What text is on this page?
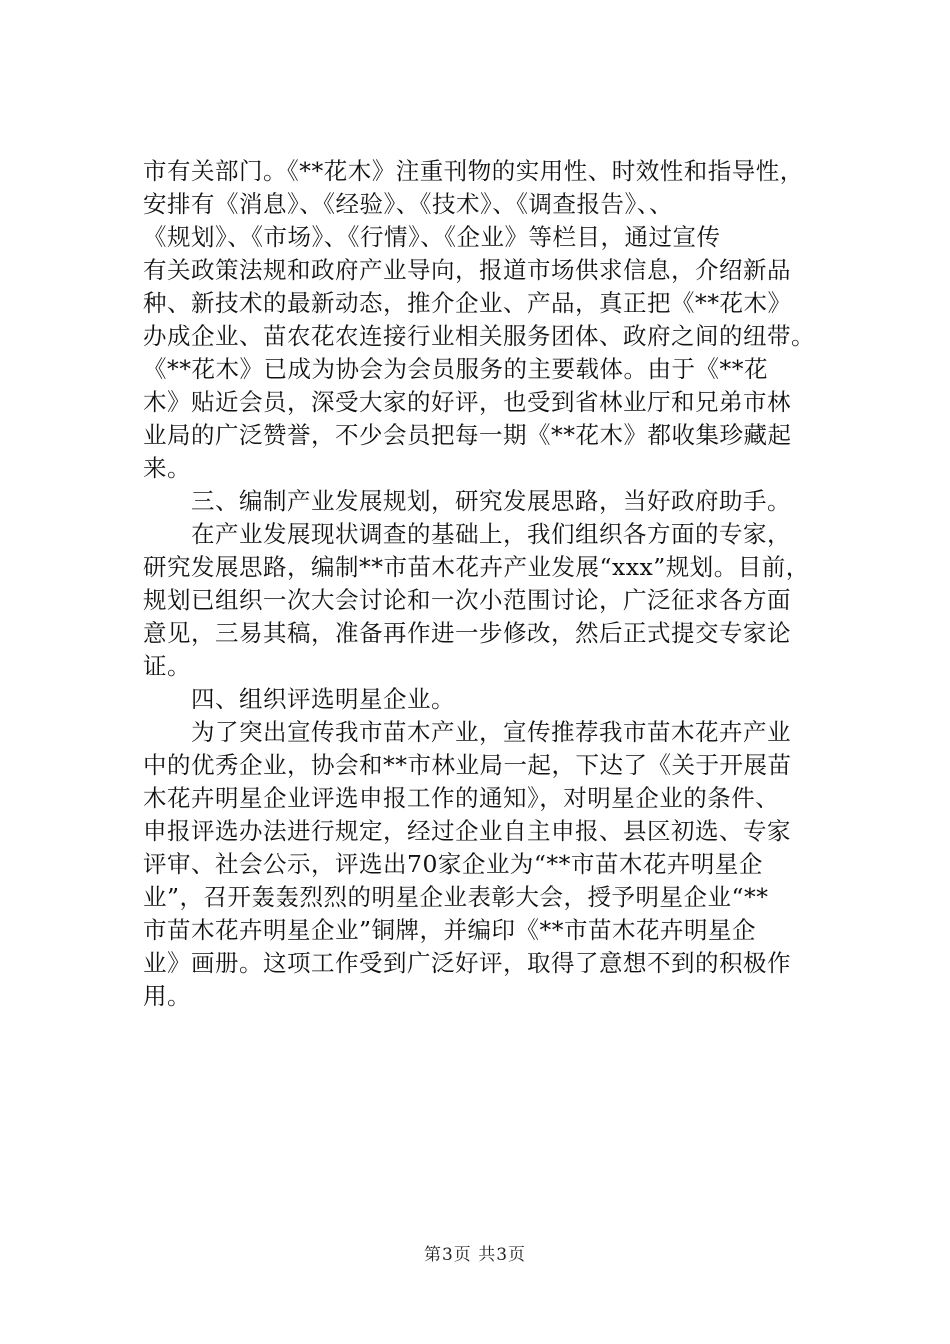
市有关部门。《**花木》注重刊物的实用性、时效性和指导性，
安排有《消息》、《经验》、《技术》、《调查报告》、、
《规划》、《市场》、《行情》、《企业》等栏目，通过宣传
有关政策法规和政府产业导向，报道市场供求信息，介绍新品
种、新技术的最新动态，推介企业、产品，真正把《**花木》
办成企业、苗农花农连接行业相关服务团体、政府之间的纽带。
《**花木》已成为协会为会员服务的主要载体。由于《**花
木》贴近会员，深受大家的好评，也受到省林业厅和兄弟市林
业局的广泛赞誉，不少会员把每一期《**花木》都收集珍藏起
来。
　　三、编制产业发展规划，研究发展思路，当好政府助手。
　　在产业发展现状调查的基础上，我们组织各方面的专家，
研究发展思路，编制**市苗木花卉产业发展“xxx”规划。目前，
规划已组织一次大会讨论和一次小范围讨论，广泛征求各方面
意见，三易其稿，准备再作进一步修改，然后正式提交专家论
证。
　　四、组织评选明星企业。
　　为了突出宣传我市苗木产业，宣传推荐我市苗木花卉产业
中的优秀企业，协会和**市林业局一起，下达了《关于开展苗
木花卉明星企业评选申报工作的通知》，对明星企业的条件、
申报评选办法进行规定，经过企业自主申报、县区初选、专家
评审、社会公示，评选出70家企业为“**市苗木花卉明星企
业”，召开轰轰烈烈的明星企业表彰大会，授予明星企业“**
市苗木花卉明星企业”铜牌，并编印《**市苗木花卉明星企
业》画册。这项工作受到广泛好评，取得了意想不到的积极作
用。
第3页 共3页
